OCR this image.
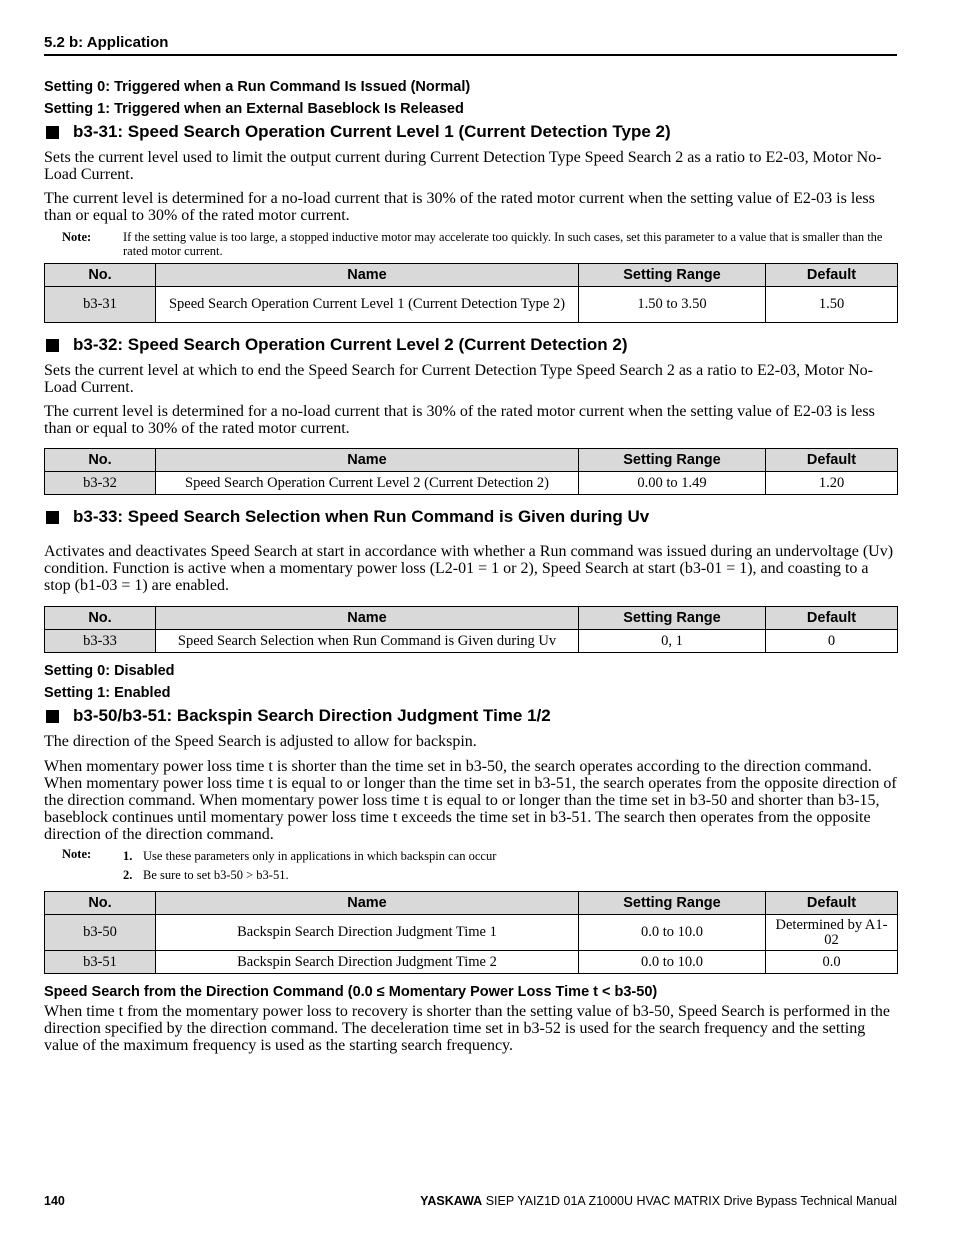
5.2 b: Application
Setting 0: Triggered when a Run Command Is Issued (Normal)
Setting 1: Triggered when an External Baseblock Is Released
b3-31: Speed Search Operation Current Level 1 (Current Detection Type 2)

Sets the current level used to limit the output current during Current Detection Type Speed Search 2 as a ratio to E2-03, Motor No-Load Current.

The current level is determined for a no-load current that is 30% of the rated motor current when the setting value of E2-03 is less than or equal to 30% of the rated motor current.

Note:	If the setting value is too large, a stopped inductive motor may accelerate too quickly. In such cases, set this parameter to a value that is smaller than the rated motor current.
No.	Name	Setting Range	Default
b3-31	Speed Search Operation Current Level 1 (Current Detection Type 2)	1.50 to 3.50	1.50
b3-32: Speed Search Operation Current Level 2 (Current Detection 2)

Sets the current level at which to end the Speed Search for Current Detection Type Speed Search 2 as a ratio to E2-03, Motor No-Load Current.

The current level is determined for a no-load current that is 30% of the rated motor current when the setting value of E2-03 is less than or equal to 30% of the rated motor current.

No.	Name	Setting Range	Default
b3-32	Speed Search Operation Current Level 2 (Current Detection 2)	0.00 to 1.49	1.20
b3-33: Speed Search Selection when Run Command is Given during Uv

Activates and deactivates Speed Search at start in accordance with whether a Run command was issued during an undervoltage (Uv) condition. Function is active when a momentary power loss (L2-01 = 1 or 2), Speed Search at start (b3-01 = 1), and coasting to a stop (b1-03 = 1) are enabled.

No.	Name	Setting Range	Default
b3-33	Speed Search Selection when Run Command is Given during Uv	0, 1	0
Setting 0: Disabled
Setting 1: Enabled
b3-50/b3-51: Backspin Search Direction Judgment Time 1/2

The direction of the Speed Search is adjusted to allow for backspin.

When momentary power loss time t is shorter than the time set in b3-50, the search operates according to the direction command. When momentary power loss time t is equal to or longer than the time set in b3-51, the search operates from the opposite direction of the direction command. When momentary power loss time t is equal to or longer than the time set in b3-50 and shorter than b3-15, baseblock continues until momentary power loss time t exceeds the time set in b3-51. The search then operates from the opposite direction of the direction command.

Note:	1. Use these parameters only in applications in which backspin can occur
2. Be sure to set b3-50 > b3-51.
No.	Name	Setting Range	Default
b3-50	Backspin Search Direction Judgment Time 1	0.0 to 10.0	Determined by A1-02
b3-51	Backspin Search Direction Judgment Time 2	0.0 to 10.0	0.0
Speed Search from the Direction Command (0.0 ≤ Momentary Power Loss Time t < b3-50)

When time t from the momentary power loss to recovery is shorter than the setting value of b3-50, Speed Search is performed in the direction specified by the direction command. The deceleration time set in b3-52 is used for the search frequency and the setting value of the maximum frequency is used as the starting search frequency.

140	YASKAWA SIEP YAIZ1D 01A Z1000U HVAC MATRIX Drive Bypass Technical Manual
